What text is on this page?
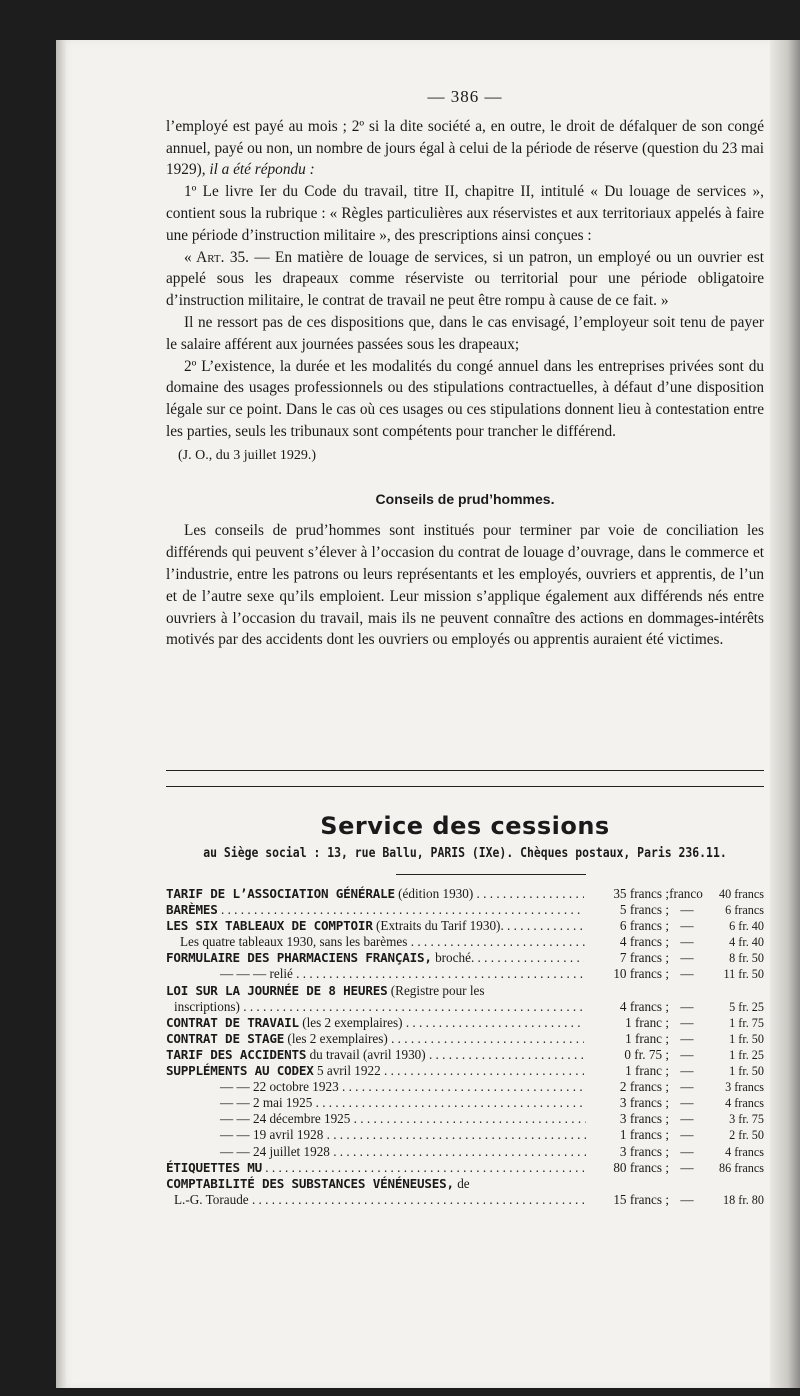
— 386 —

l’employé est payé au mois ; 2º si la dite société a, en outre, le droit de défalquer de son congé annuel, payé ou non, un nombre de jours égal à celui de la période de réserve (question du 23 mai 1929), il a été répondu :

1º Le livre Ier du Code du travail, titre II, chapitre II, intitulé « Du louage de services », contient sous la rubrique : « Règles particulières aux réservistes et aux territoriaux appelés à faire une période d’instruction militaire », des prescriptions ainsi conçues :

« Art. 35. — En matière de louage de services, si un patron, un employé ou un ouvrier est appelé sous les drapeaux comme réserviste ou territorial pour une période obligatoire d’instruction militaire, le contrat de travail ne peut être rompu à cause de ce fait. »

Il ne ressort pas de ces dispositions que, dans le cas envisagé, l’employeur soit tenu de payer le salaire afférent aux journées passées sous les drapeaux;

2º L’existence, la durée et les modalités du congé annuel dans les entreprises privées sont du domaine des usages professionnels ou des stipulations contractuelles, à défaut d’une disposition légale sur ce point. Dans le cas où ces usages ou ces stipulations donnent lieu à contestation entre les parties, seuls les tribunaux sont compétents pour trancher le différend.

(J. O., du 3 juillet 1929.)

Conseils de prud’hommes.

Les conseils de prud’hommes sont institués pour terminer par voie de conciliation les différends qui peuvent s’élever à l’occasion du contrat de louage d’ouvrage, dans le commerce et l’industrie, entre les patrons ou leurs représentants et les employés, ouvriers et apprentis, de l’un et de l’autre sexe qu’ils emploient. Leur mission s’applique également aux différends nés entre ouvriers à l’occasion du travail, mais ils ne peuvent connaître des actions en dommages-intérêts motivés par des accidents dont les ouvriers ou employés ou apprentis auraient été victimes.

Service des cessions
au Siège social : 13, rue Ballu, PARIS (IXe). Chèques postaux, Paris 236.11.
TARIF DE L’ASSOCIATION GÉNÉRALE (édition 1930) . . . . .	35 francs ; franco	40 francs
BARÈMES . . .	5 francs ; —	6 francs
LES SIX TABLEAUX DE COMPTOIR (Extraits du Tarif 1930). . . .	6 francs ; —	6 fr. 40
Les quatre tableaux 1930, sans les barèmes . . .	4 francs ; —	4 fr. 40
FORMULAIRE DES PHARMACIENS FRANÇAIS, broché. . . .	7 francs ; —	8 fr. 50
— — — relié . . . . .	10 francs ; —	11 fr. 50
LOI SUR LA JOURNÉE DE 8 HEURES (Registre pour les
inscriptions) . . .	4 francs ; —	5 fr. 25
CONTRAT DE TRAVAIL (les 2 exemplaires) . . .	1 franc ; —	1 fr. 75
CONTRAT DE STAGE (les 2 exemplaires) . . .	1 franc ; —	1 fr. 50
TARIF DES ACCIDENTS du travail (avril 1930) . . .	0 fr. 75 ; —	1 fr. 25
SUPPLÉMENTS AU CODEX 5 avril 1922 . . .	1 franc ; —	1 fr. 50
— — 22 octobre 1923 . . .	2 francs ; —	3 francs
— — 2 mai 1925 . . .	3 francs ; —	4 francs
— — 24 décembre 1925 . . .	3 francs ; —	3 fr. 75
— — 19 avril 1928 . . .	1 francs ; —	2 fr. 50
— — 24 juillet 1928 . . .	3 francs ; —	4 francs
ÉTIQUETTES MU . . .	80 francs ; —	86 francs
COMPTABILITÉ DES SUBSTANCES VÉNÉNEUSES, de
L.-G. Toraude . . .	15 francs ; —	18 fr. 80
